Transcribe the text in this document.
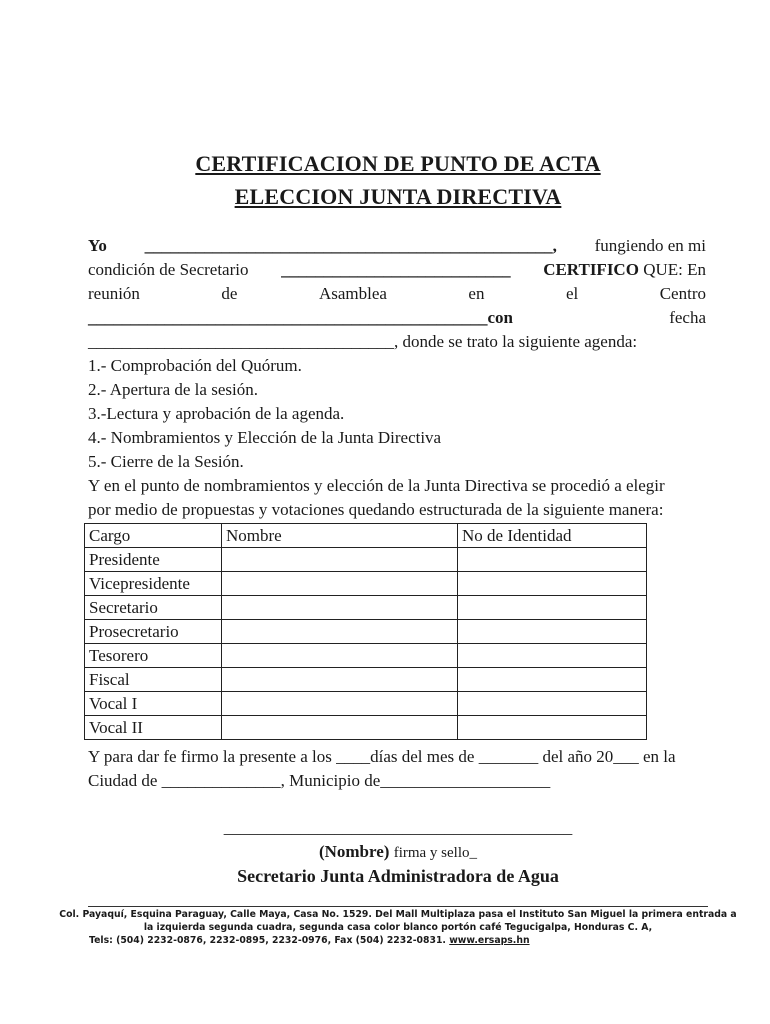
CERTIFICACION DE PUNTO DE ACTA
ELECCION JUNTA DIRECTIVA
Yo ________________________________________________, fungiendo en mi
condición de Secretario ___________________________ CERTIFICO QUE: En
reunión	de	Asamblea	en	el	Centro
_______________________________________________con	fecha
____________________________________, donde se trato la siguiente agenda:
1.- Comprobación del Quórum.
2.- Apertura de la sesión.
3.-Lectura y aprobación de la agenda.
4.- Nombramientos y Elección de la Junta Directiva
5.- Cierre de la Sesión.
Y en el punto de nombramientos y elección de la Junta Directiva se procedió a elegir
por medio de propuestas y votaciones quedando estructurada de la siguiente manera:
Cargo	Nombre	No de Identidad
Presidente		
Vicepresidente		
Secretario		
Prosecretario		
Tesorero		
Fiscal		
Vocal I		
Vocal II		
Y para dar fe firmo la presente a los ____días del mes de _______ del año 20___ en la
Ciudad de ______________, Municipio de____________________
_________________________________________
(Nombre) firma y sello_
Secretario Junta Administradora de Agua
Col. Payaquí, Esquina Paraguay, Calle Maya, Casa No. 1529. Del Mall Multiplaza pasa el Instituto San Miguel la primera entrada a
la izquierda segunda cuadra, segunda casa color blanco portón café Tegucigalpa, Honduras C. A,
Tels: (504) 2232-0876, 2232-0895, 2232-0976, Fax (504) 2232-0831. www.ersaps.hn
